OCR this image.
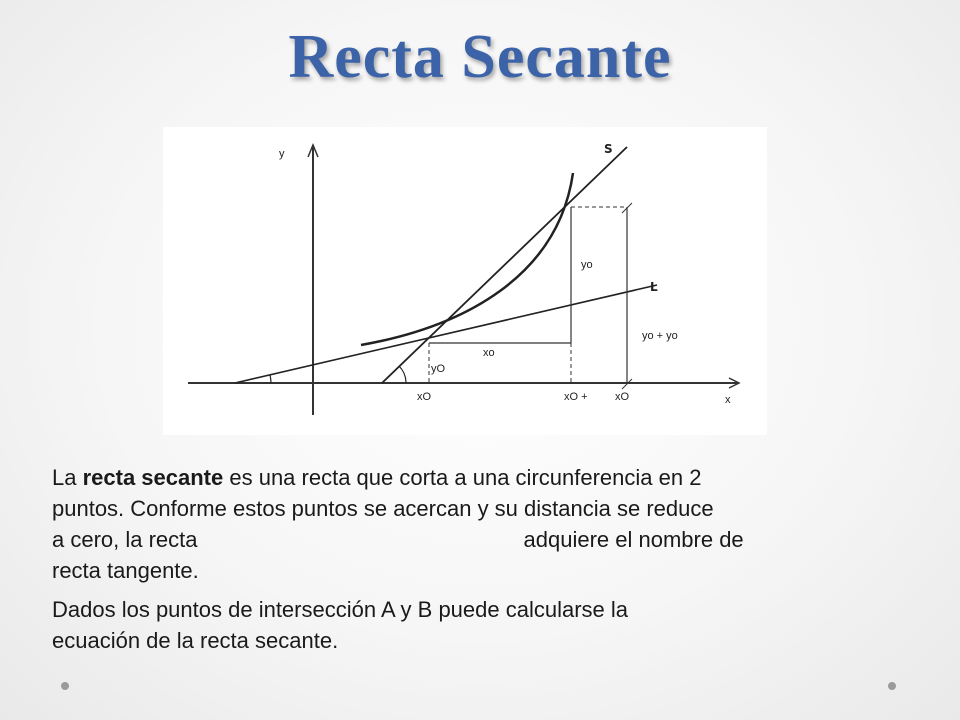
Recta Secante
y
x
S
L
yo
yo + yo
xo
yO
xO	xO + xO

La recta secante es una recta que corta a una circunferencia en 2
puntos. Conforme estos puntos se acercan y su distancia se reduce
a cero, la recta	adquiere el nombre de
recta tangente.

Dados los puntos de intersección A y B puede calcularse la
ecuación de la recta secante.
